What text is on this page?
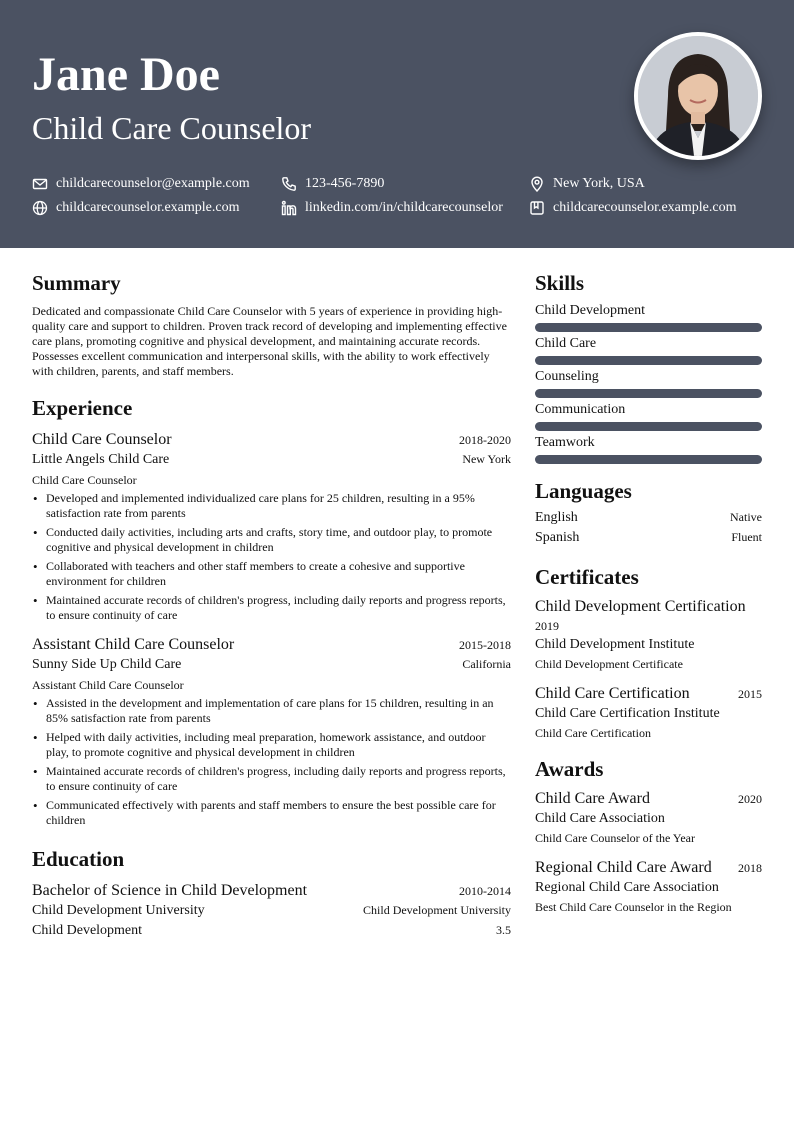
Jane Doe
Child Care Counselor
childcarecounselor@example.com	123-456-7890	New York, USA
childcarecounselor.example.com	linkedin.com/in/childcarecounselor	childcarecounselor.example.com
Summary
Dedicated and compassionate Child Care Counselor with 5 years of experience in providing high-quality care and support to children. Proven track record of developing and implementing effective care plans, promoting cognitive and physical development, and maintaining accurate records. Possesses excellent communication and interpersonal skills, with the ability to work effectively with children, parents, and staff members.
Experience
Child Care Counselor	2018-2020
Little Angels Child Care	New York
Child Care Counselor
• Developed and implemented individualized care plans for 25 children, resulting in a 95% satisfaction rate from parents
• Conducted daily activities, including arts and crafts, story time, and outdoor play, to promote cognitive and physical development in children
• Collaborated with teachers and other staff members to create a cohesive and supportive environment for children
• Maintained accurate records of children's progress, including daily reports and progress reports, to ensure continuity of care
Assistant Child Care Counselor	2015-2018
Sunny Side Up Child Care	California
Assistant Child Care Counselor
• Assisted in the development and implementation of care plans for 15 children, resulting in an 85% satisfaction rate from parents
• Helped with daily activities, including meal preparation, homework assistance, and outdoor play, to promote cognitive and physical development in children
• Maintained accurate records of children's progress, including daily reports and progress reports, to ensure continuity of care
• Communicated effectively with parents and staff members to ensure the best possible care for children
Education
Bachelor of Science in Child Development	2010-2014
Child Development University	Child Development University
Child Development	3.5
Skills
Child Development
Child Care
Counseling
Communication
Teamwork
Languages
English	Native
Spanish	Fluent
Certificates
Child Development Certification
2019
Child Development Institute
Child Development Certificate
Child Care Certification	2015
Child Care Certification Institute
Child Care Certification
Awards
Child Care Award	2020
Child Care Association
Child Care Counselor of the Year
Regional Child Care Award 2018
Regional Child Care Association
Best Child Care Counselor in the Region
